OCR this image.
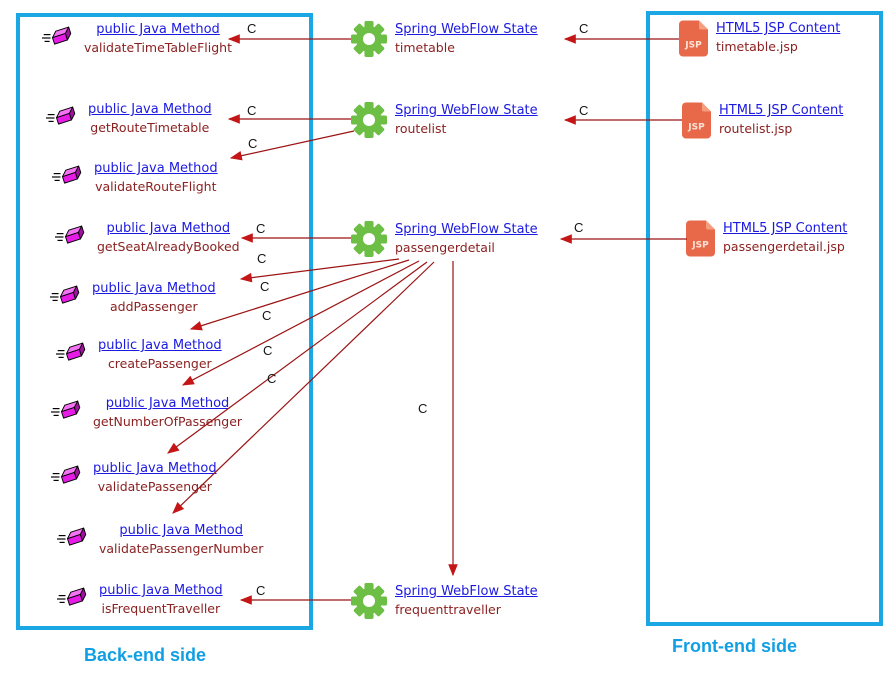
Back-end side	Front-end side
public Java Method
validateTimeTableFlight
public Java Method
getRouteTimetable
public Java Method
validateRouteFlight
public Java Method
getSeatAlreadyBooked
public Java Method
addPassenger
public Java Method
createPassenger
public Java Method
getNumberOfPassenger
public Java Method
validatePassenger
public Java Method
validatePassengerNumber
public Java Method
isFrequentTraveller
Spring WebFlow State
timetable
Spring WebFlow State
routelist
Spring WebFlow State
passengerdetail
Spring WebFlow State
frequenttraveller
HTML5 JSP Content
timetable.jsp
HTML5 JSP Content
routelist.jsp
HTML5 JSP Content
passengerdetail.jsp
C
C
C
C
C
C
C
C
C
C
C
C
C
C
